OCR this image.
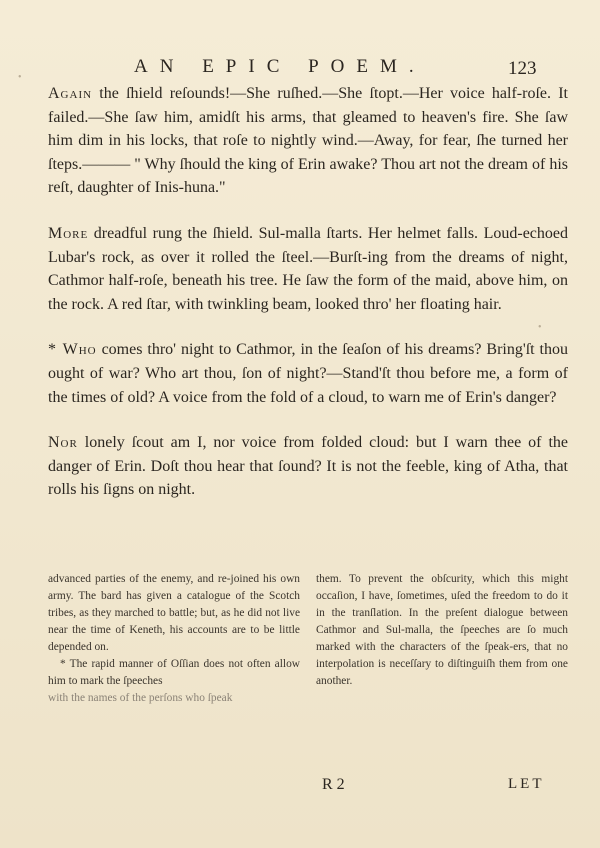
•
•
AN EPIC POEM.	123

Again the ſhield reſounds!—She ruſhed.—She ſtopt.—Her voice half-roſe. It failed.—She ſaw him, amidſt his arms, that gleamed to heaven's fire. She ſaw him dim in his locks, that roſe to nightly wind.—Away, for fear, ſhe turned her ſteps.——— " Why ſhould the king of Erin awake? Thou art not the dream of his reſt, daughter of Inis-huna."

More dreadful rung the ſhield. Sul-malla ſtarts. Her helmet falls. Loud-echoed Lubar's rock, as over it rolled the ſteel.—Burſt-ing from the dreams of night, Cathmor half-roſe, beneath his tree. He ſaw the form of the maid, above him, on the rock. A red ſtar, with twinkling beam, looked thro' her floating hair.

* Who comes thro' night to Cathmor, in the ſeaſon of his dreams? Bring'ſt thou ought of war? Who art thou, ſon of night?—Stand'ſt thou before me, a form of the times of old? A voice from the fold of a cloud, to warn me of Erin's danger?

Nor lonely ſcout am I, nor voice from folded cloud: but I warn thee of the danger of Erin. Doſt thou hear that ſound? It is not the feeble, king of Atha, that rolls his ſigns on night.

advanced parties of the enemy, and re-joined his own army. The bard has given a catalogue of the Scotch tribes, as they marched to battle; but, as he did not live near the time of Keneth, his accounts are to be little depended on.

* The rapid manner of Oſſian does not often allow him to mark the ſpeeches

with the names of the perſons who ſpeak

them. To prevent the obſcurity, which this might occaſion, I have, ſometimes, uſed the freedom to do it in the tranſlation. In the preſent dialogue between Cathmor and Sul-malla, the ſpeeches are ſo much marked with the characters of the ſpeak-ers, that no interpolation is neceſſary to diſtinguiſh them from one another.

R 2	LET
